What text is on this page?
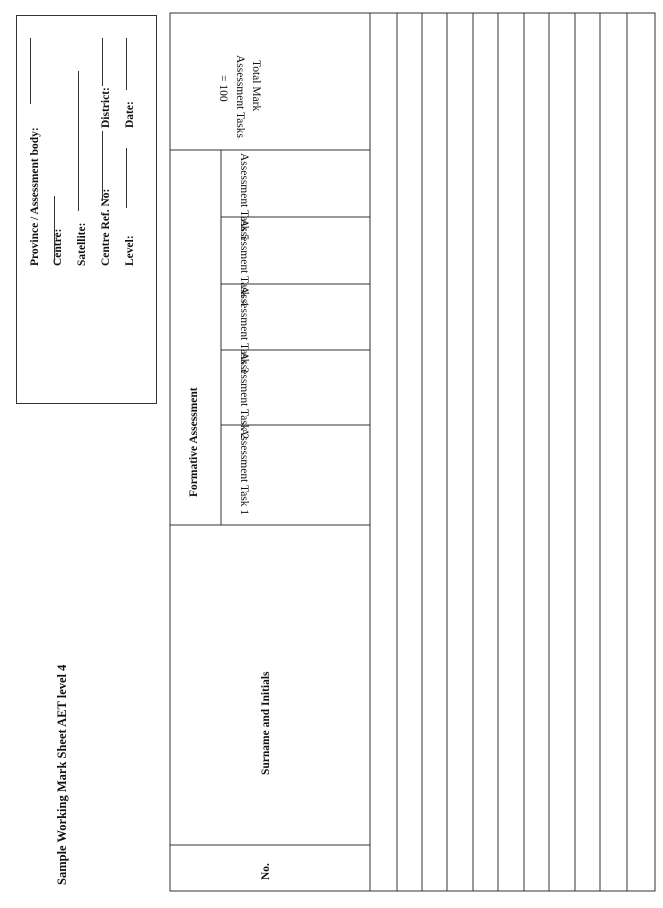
Province / Assessment body: Centre: Satellite: Centre Ref. No: Level:
District: Date:
Sample Working Mark Sheet AET level 4	No.
Surname and Initials
Formative Assessment	Assessment Task 1
Assessment Task 2
Assessment Task 3
Assessment Task 4
Assessment Task 5
Total Mark
Assessment Tasks
= 100
